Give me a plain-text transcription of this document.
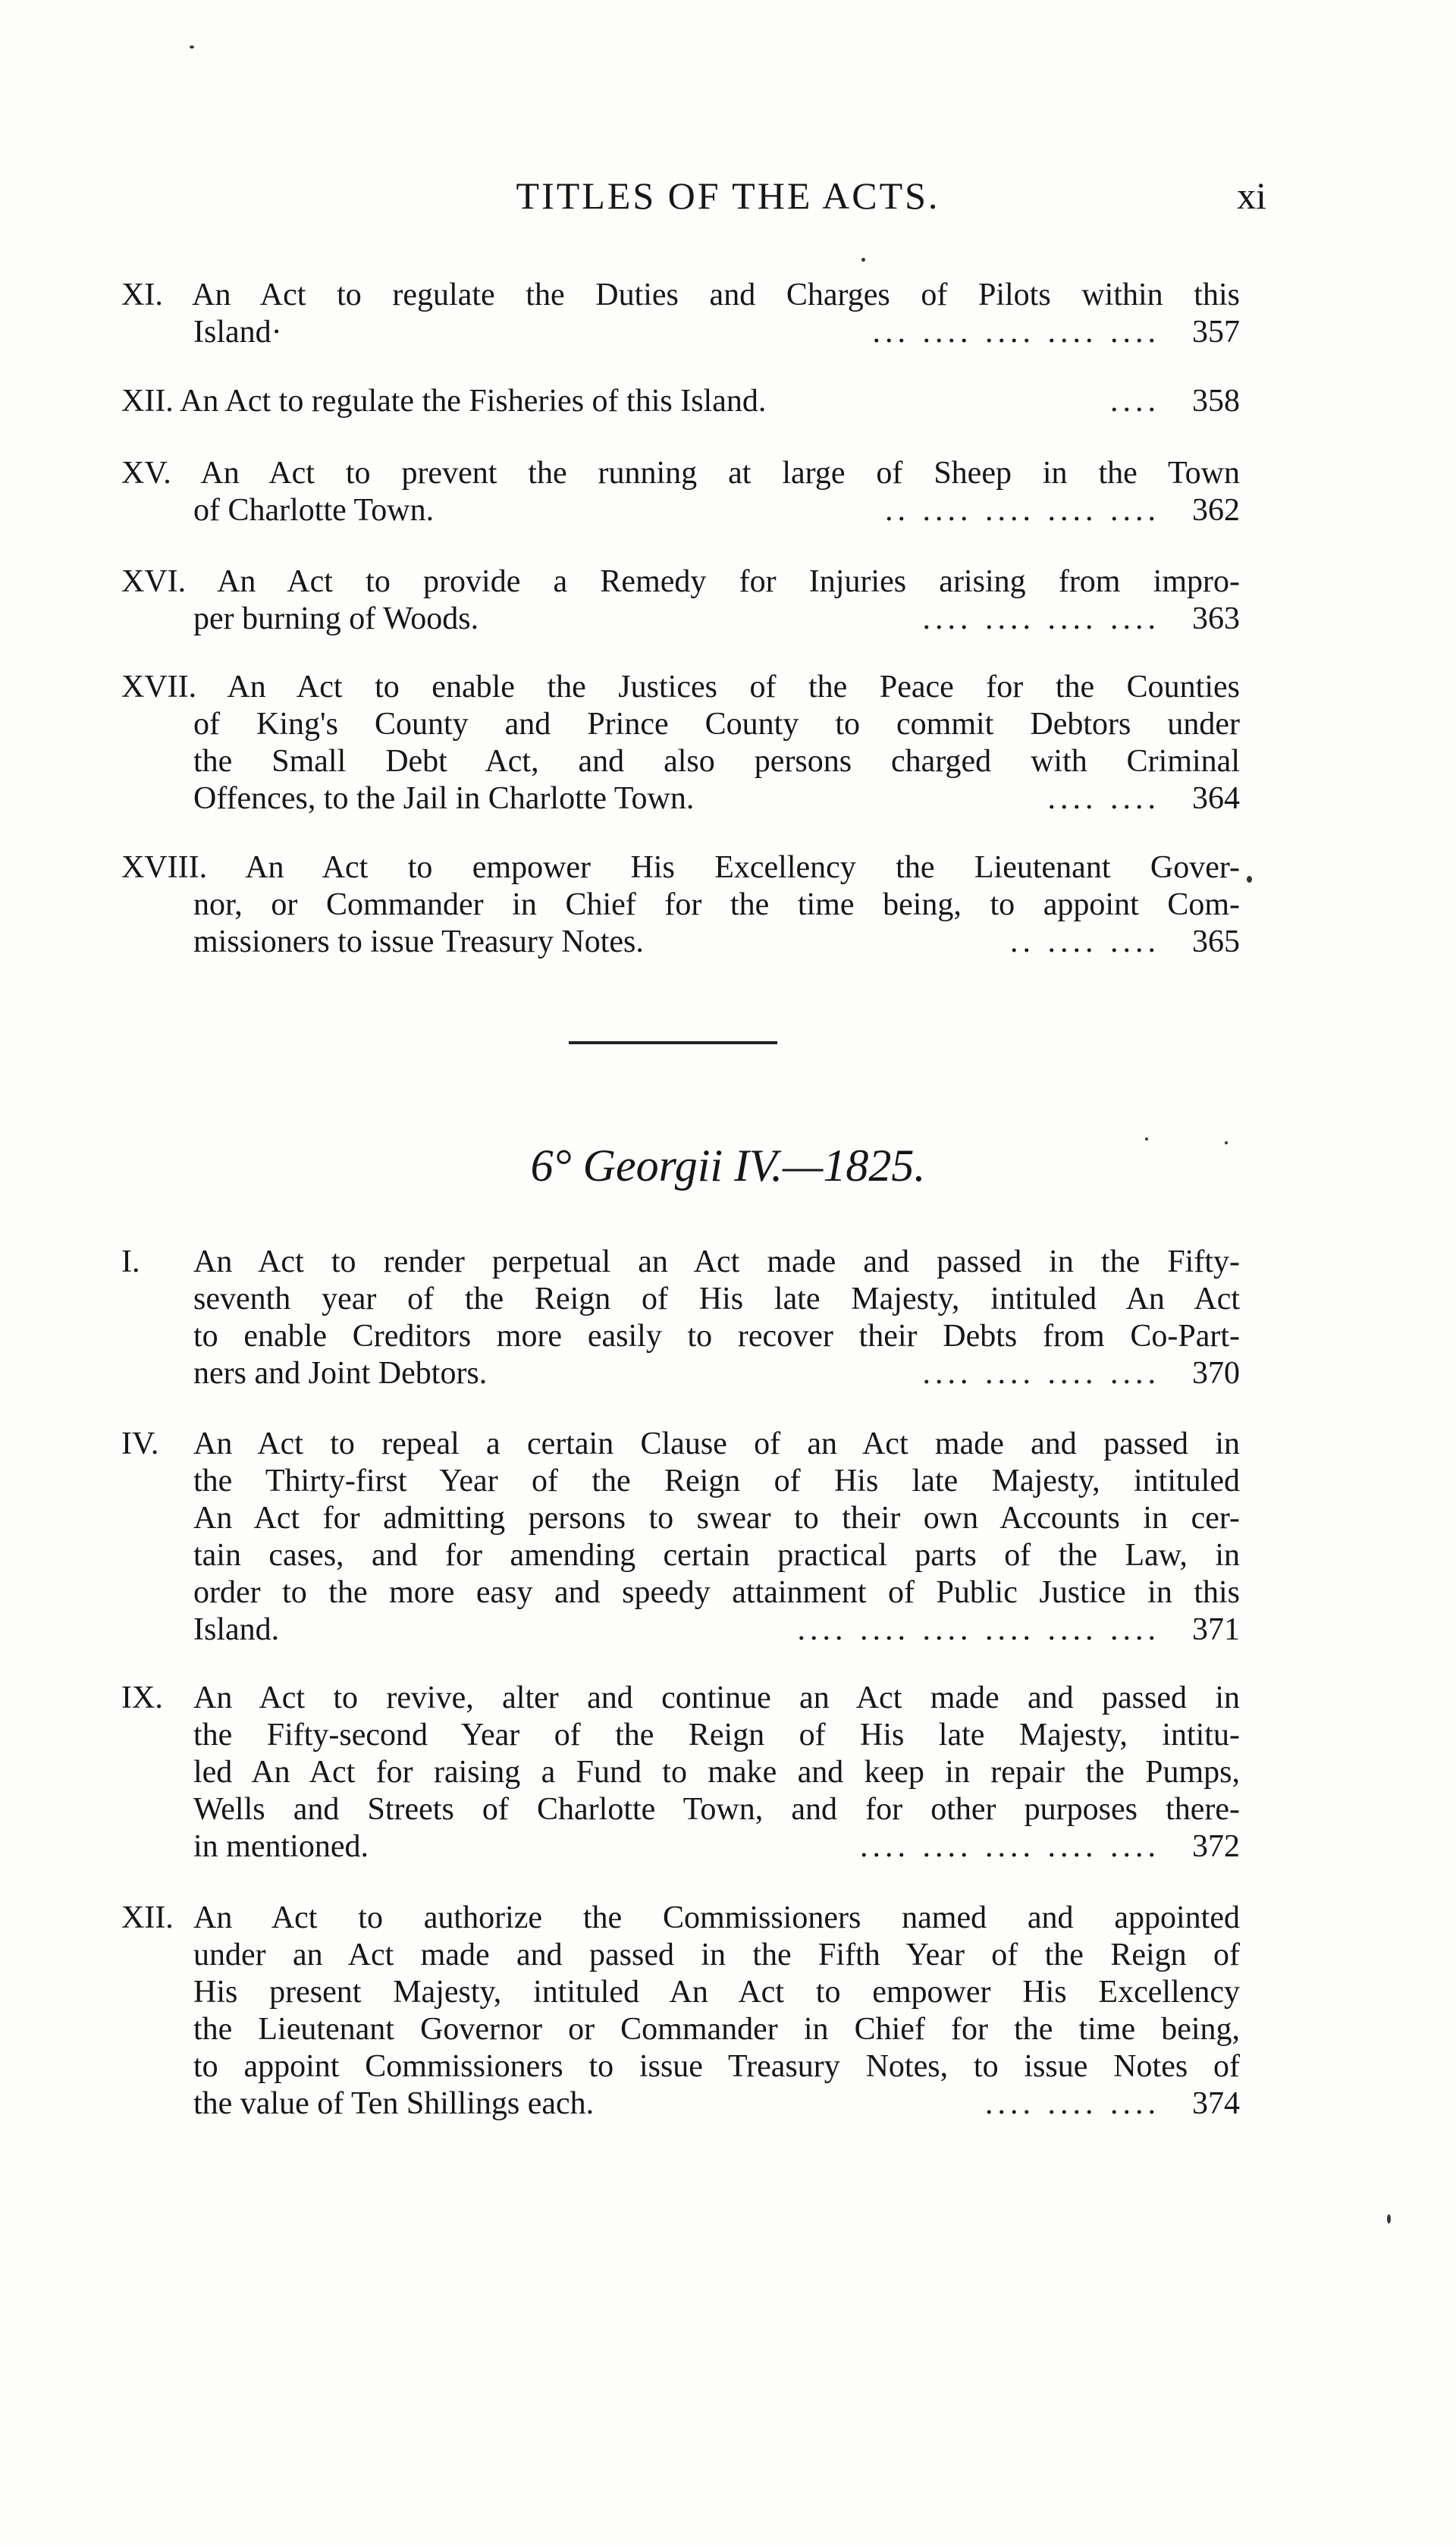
TITLES OF THE ACTS.	xi
XI. An Act to regulate the Duties and Charges of Pilots within this
Island·	... .... .... .... ....	357
XII. An Act to regulate the Fisheries of this Island.	....	358
XV. An Act to prevent the running at large of Sheep in the Town
of Charlotte Town.	.. .... .... .... ....	362
XVI. An Act to provide a Remedy for Injuries arising from impro-
per burning of Woods.	.... .... .... ....	363
XVII. An Act to enable the Justices of the Peace for the Counties
of King's County and Prince County to commit Debtors under
the Small Debt Act, and also persons charged with Criminal
Offences, to the Jail in Charlotte Town.	.... ....	364
XVIII. An Act to empower His Excellency the Lieutenant Gover-
nor, or Commander in Chief for the time being, to appoint Com-
missioners to issue Treasury Notes.	.. .... ....	365
6° Georgii IV.—1825.
I. An Act to render perpetual an Act made and passed in the Fifty-
seventh year of the Reign of His late Majesty, intituled An Act
to enable Creditors more easily to recover their Debts from Co-Part-
ners and Joint Debtors.	.... .... .... ....	370
IV. An Act to repeal a certain Clause of an Act made and passed in
the Thirty-first Year of the Reign of His late Majesty, intituled
An Act for admitting persons to swear to their own Accounts in cer-
tain cases, and for amending certain practical parts of the Law, in
order to the more easy and speedy attainment of Public Justice in this
Island.	.... .... .... .... .... ....	371
IX. An Act to revive, alter and continue an Act made and passed in
the Fifty-second Year of the Reign of His late Majesty, intitu-
led An Act for raising a Fund to make and keep in repair the Pumps,
Wells and Streets of Charlotte Town, and for other purposes there-
in mentioned.	.... .... .... .... ....	372
XII. An Act to authorize the Commissioners named and appointed
under an Act made and passed in the Fifth Year of the Reign of
His present Majesty, intituled An Act to empower His Excellency
the Lieutenant Governor or Commander in Chief for the time being,
to appoint Commissioners to issue Treasury Notes, to issue Notes of
the value of Ten Shillings each.	.... .... ....	374
